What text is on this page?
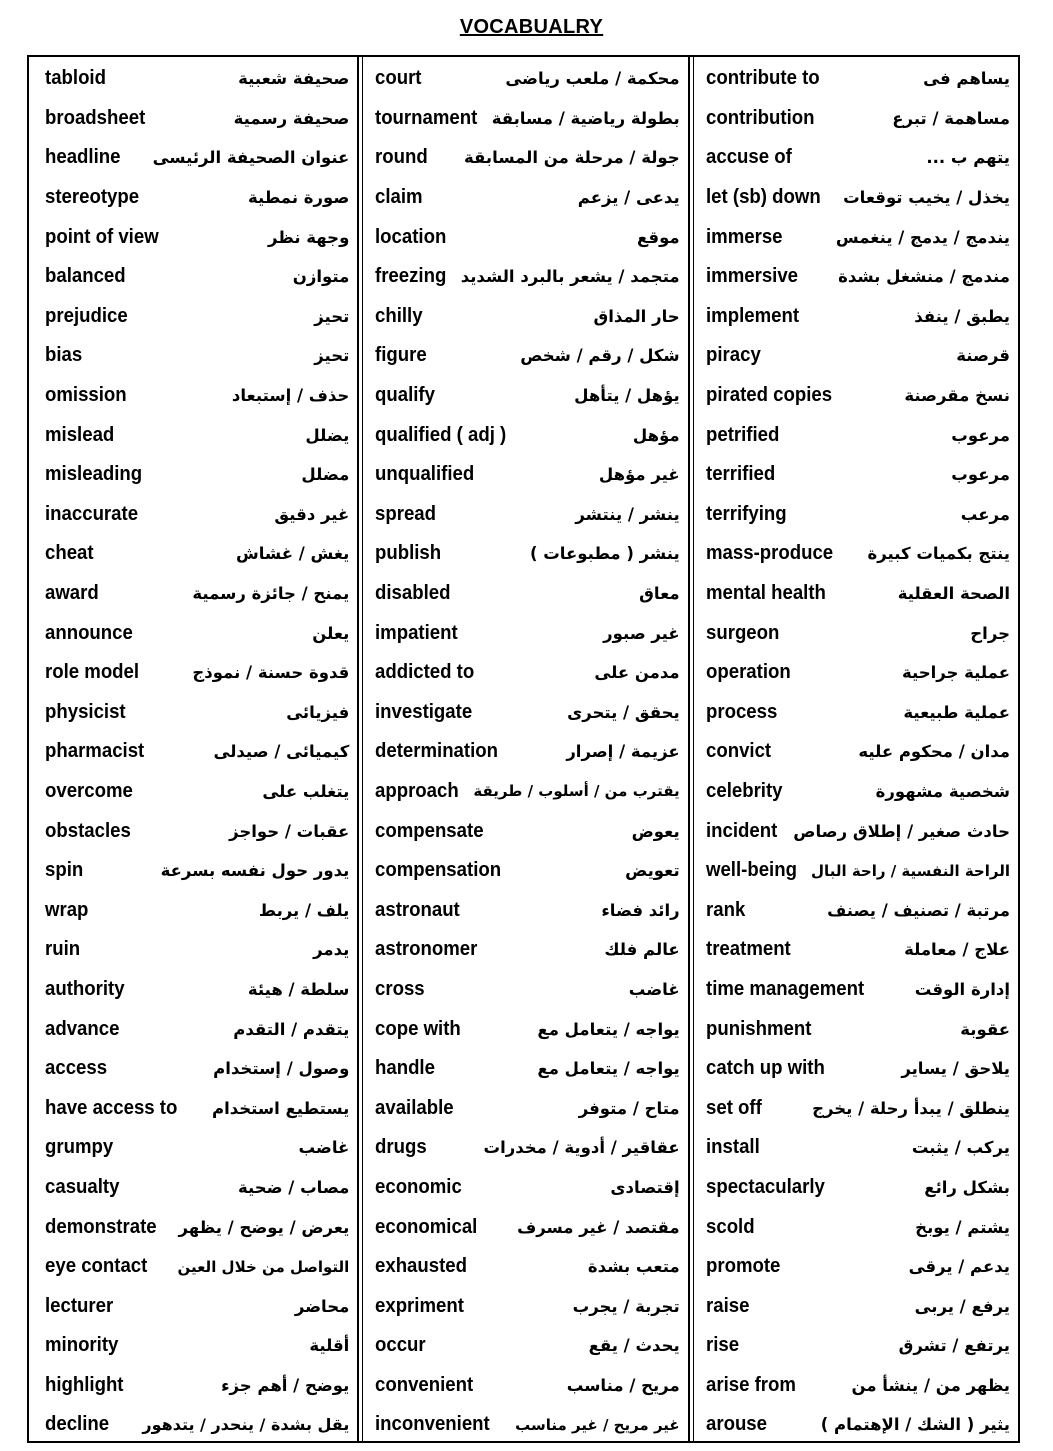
VOCABUALRY
tabloid	صحيفة شعبية
broadsheet	صحيفة رسمية
headline عنوان الصحيفة الرئيسى
stereotype	صورة نمطية
point of view	وجهة نظر
balanced	متوازن
prejudice	تحيز
bias	تحيز
omission	حذف / إستبعاد
mislead	يضلل
misleading	مضلل
inaccurate	غير دقيق
cheat	يغش / غشاش
award	يمنح / جائزة رسمية
announce	يعلن
role model	قدوة حسنة / نموذج
physicist	فيزيائى
pharmacist	كيميائى / صيدلى
overcome	يتغلب على
obstacles	عقبات / حواجز
spin	يدور حول نفسه بسرعة
wrap	يلف / يربط
ruin	يدمر
authority	سلطة / هيئة
advance	يتقدم / التقدم
access	وصول / إستخدام
have access to يستطيع استخدام
grumpy	غاضب
casualty	مصاب / ضحية
demonstrate يعرض / يوضح / يظهر
eye contact التواصل من خلال العين
lecturer	محاضر
minority	أقلية
highlight	يوضح / أهم جزء
decline يقل بشدة / ينحدر / يتدهور
court	محكمة / ملعب رياضى
tournament بطولة رياضية / مسابقة
round جولة / مرحلة من المسابقة
claim	يدعى / يزعم
location	موقع
freezing متجمد / يشعر بالبرد الشديد
chilly	حار المذاق
figure	شكل / رقم / شخص
qualify	يؤهل / يتأهل
qualified ( adj )	مؤهل
unqualified	غير مؤهل
spread	ينشر / ينتشر
publish	ينشر ( مطبوعات )
disabled	معاق
impatient	غير صبور
addicted to	مدمن على
investigate	يحقق / يتحرى
determination	عزيمة / إصرار
approach يقترب من / أسلوب / طريقة
compensate	يعوض
compensation	تعويض
astronaut	رائد فضاء
astronomer	عالم فلك
cross	غاضب
cope with	يواجه / يتعامل مع
handle	يواجه / يتعامل مع
available	متاح / متوفر
drugs	عقاقير / أدوية / مخدرات
economic	إقتصادى
economical مقتصد / غير مسرف
exhausted	متعب بشدة
expriment	تجربة / يجرب
occur	يحدث / يقع
convenient	مريح / مناسب
inconvenient غير مريح / غير مناسب
contribute to	يساهم فى
contribution	مساهمة / تبرع
accuse of	يتهم ب ...
let (sb) down يخذل / يخيب توقعات
immerse	يندمج / يدمج / ينغمس
immersive مندمج / منشغل بشدة
implement	يطبق / ينفذ
piracy	قرصنة
pirated copies	نسخ مقرصنة
petrified	مرعوب
terrified	مرعوب
terrifying	مرعب
mass-produce ينتج بكميات كبيرة
mental health	الصحة العقلية
surgeon	جراح
operation	عملية جراحية
process	عملية طبيعية
convict	مدان / محكوم عليه
celebrity	شخصية مشهورة
incident حادث صغير / إطلاق رصاص
well-being الراحة النفسية / راحة البال
rank	مرتبة / تصنيف / يصنف
treatment	علاج / معاملة
time management	إدارة الوقت
punishment	عقوبة
catch up with	يلاحق / يساير
set off	ينطلق / يبدأ رحلة / يخرج
install	يركب / يثبت
spectacularly	بشكل رائع
scold	يشتم / يوبخ
promote	يدعم / يرقى
raise	يرفع / يربى
rise	يرتفع / تشرق
arise from	يظهر من / ينشأ من
arouse	يثير ( الشك / الإهتمام )
